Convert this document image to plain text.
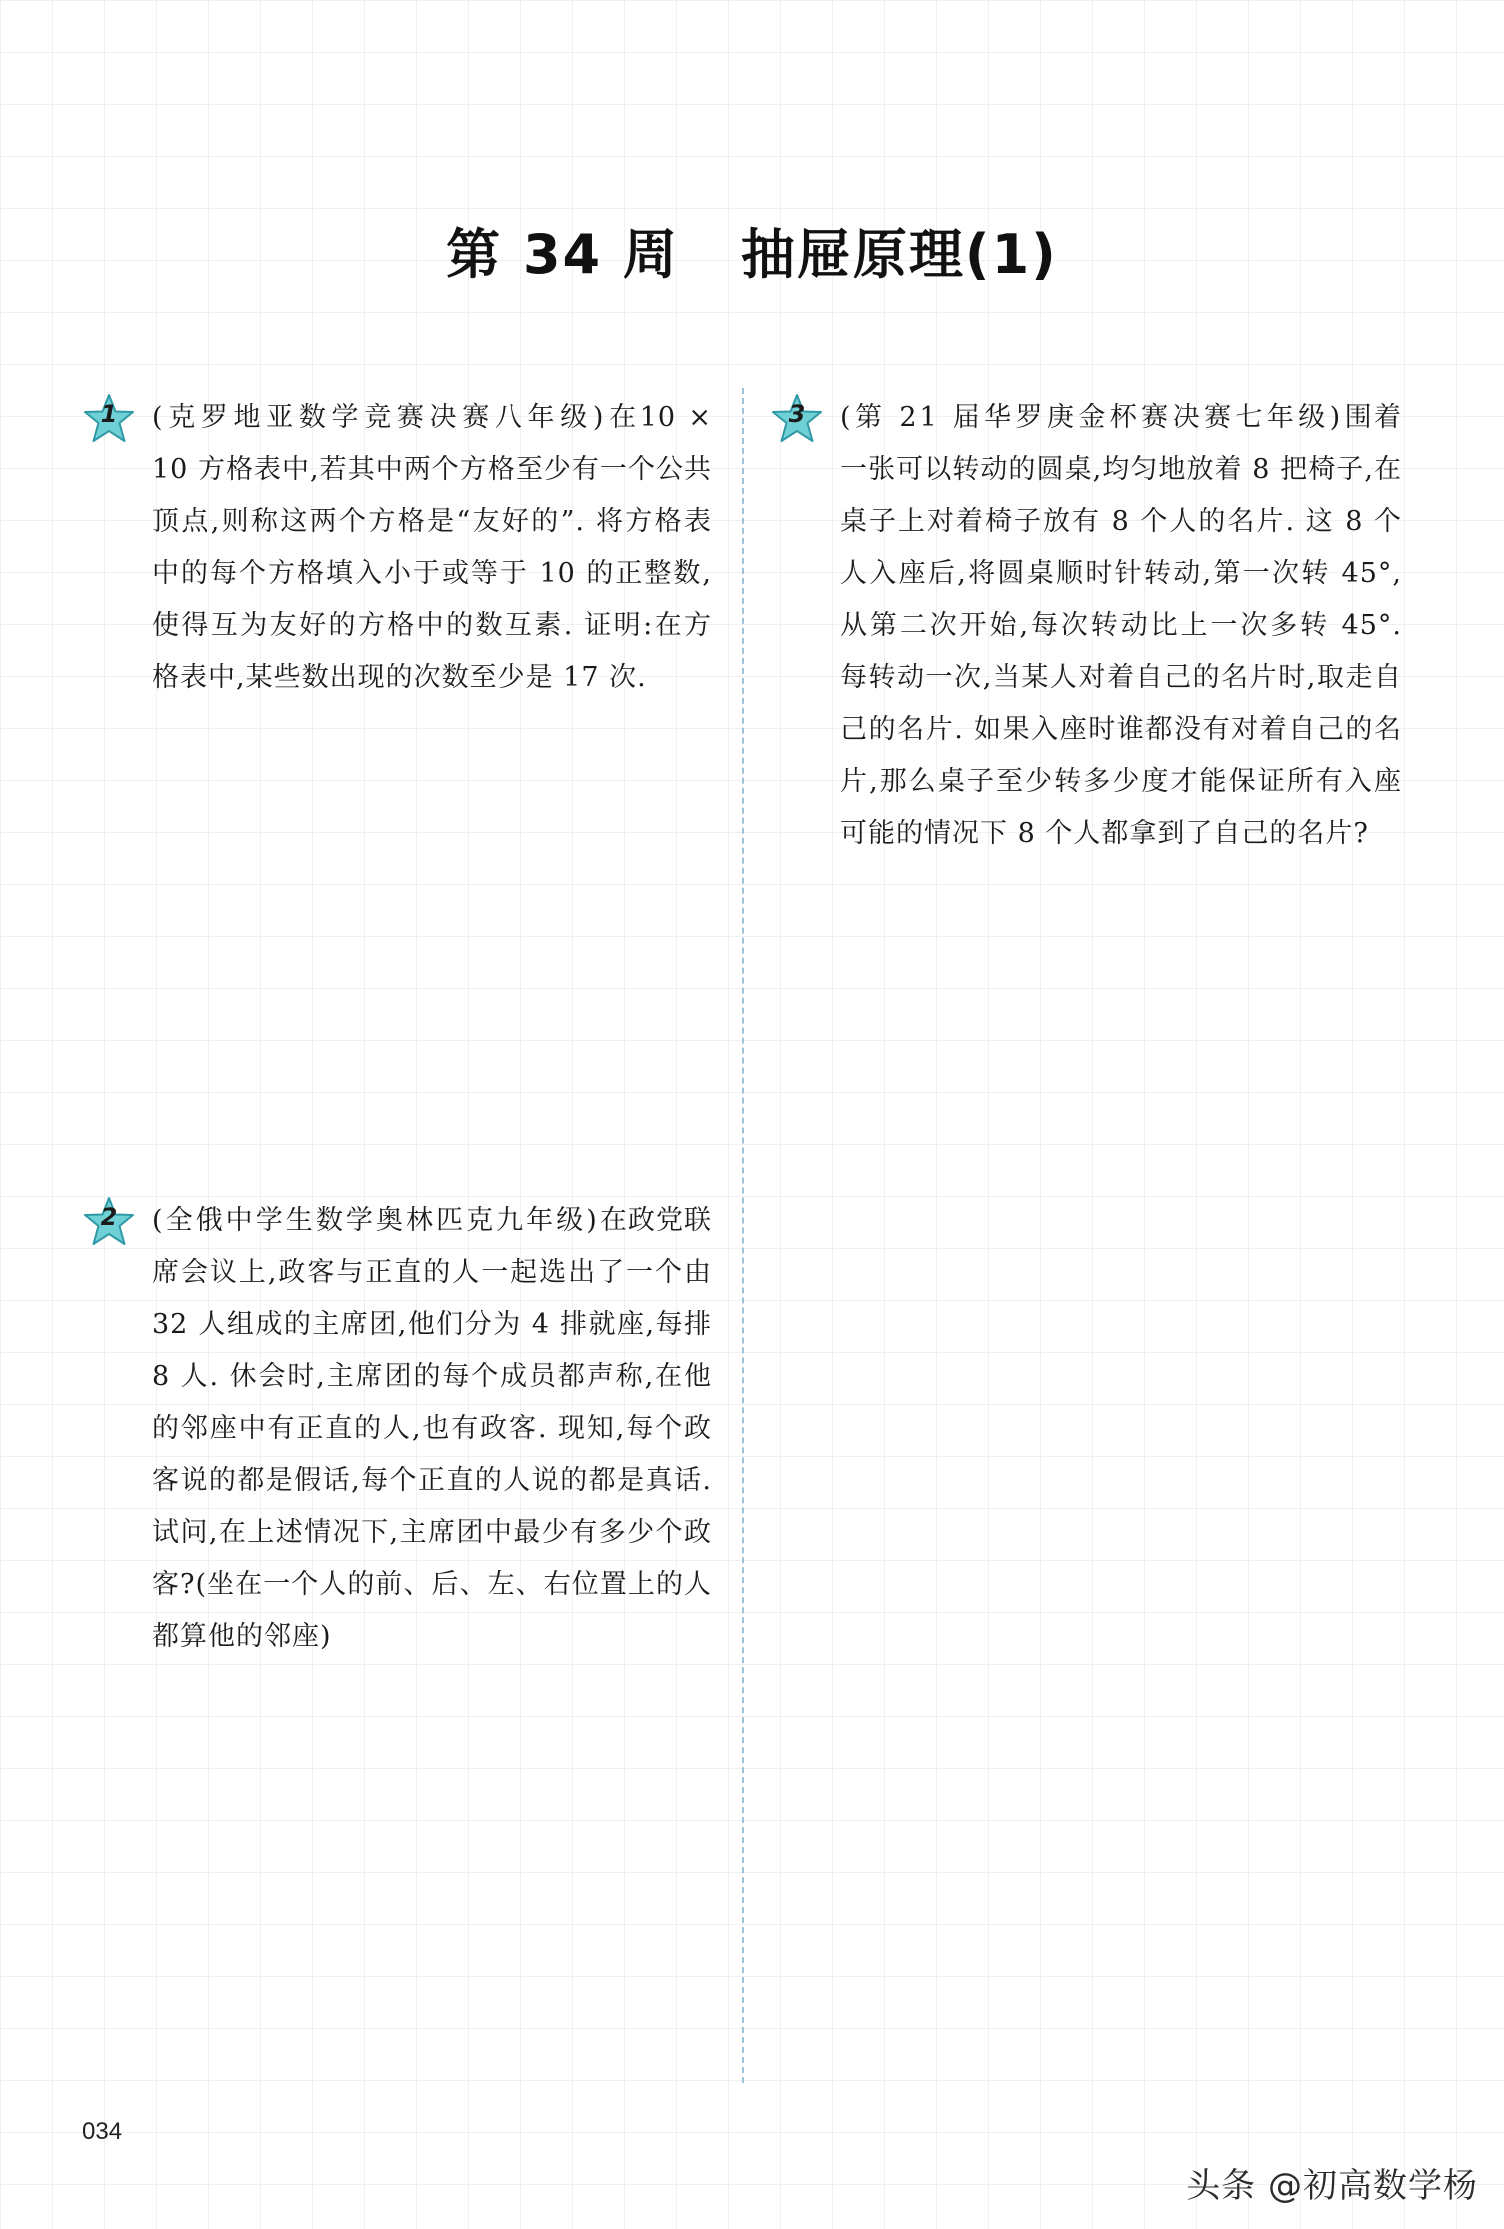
第 34 周 抽屉原理(1)
1	(克罗地亚数学竞赛决赛八年级)在10 × 10 方格表中,若其中两个方格至少有一个公共顶点,则称这两个方格是“友好的”. 将方格表中的每个方格填入小于或等于 10 的正整数,使得互为友好的方格中的数互素. 证明:在方格表中,某些数出现的次数至少是 17 次.
2	(全俄中学生数学奥林匹克九年级)在政党联席会议上,政客与正直的人一起选出了一个由 32 人组成的主席团,他们分为 4 排就座,每排 8 人. 休会时,主席团的每个成员都声称,在他的邻座中有正直的人,也有政客. 现知,每个政客说的都是假话,每个正直的人说的都是真话. 试问,在上述情况下,主席团中最少有多少个政客?(坐在一个人的前、后、左、右位置上的人都算他的邻座)
3	(第 21 届华罗庚金杯赛决赛七年级)围着一张可以转动的圆桌,均匀地放着 8 把椅子,在桌子上对着椅子放有 8 个人的名片. 这 8 个人入座后,将圆桌顺时针转动,第一次转 45°,从第二次开始,每次转动比上一次多转 45°. 每转动一次,当某人对着自己的名片时,取走自己的名片. 如果入座时谁都没有对着自己的名片,那么桌子至少转多少度才能保证所有入座可能的情况下 8 个人都拿到了自己的名片?
034
头条 @初高数学杨
